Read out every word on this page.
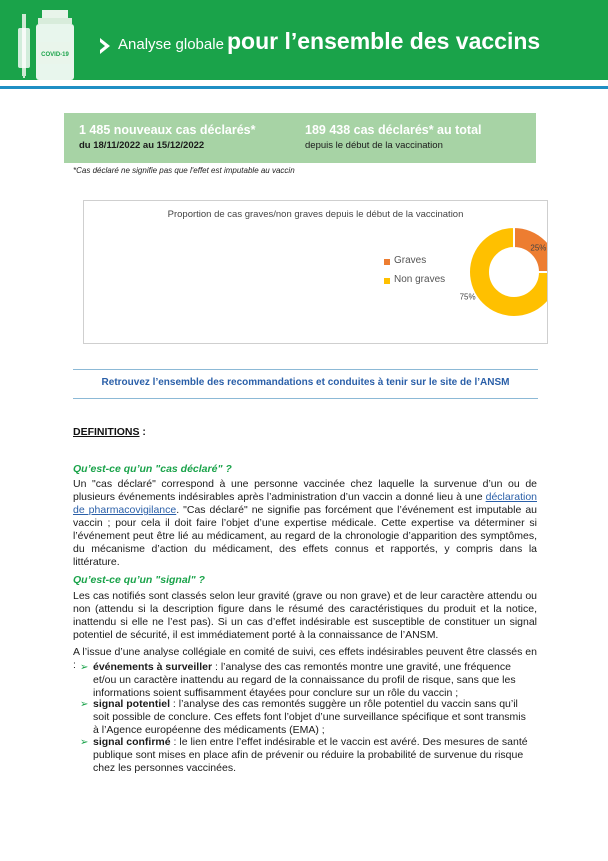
COVID-19
Analyse globale pour l’ensemble des vaccins
1 485 nouveaux cas déclarés*
du 18/11/2022 au 15/12/2022
189 438 cas déclarés* au total
depuis le début de la vaccination
*Cas déclaré ne signifie pas que l'effet est imputable au vaccin
Proportion de cas graves/non graves depuis le début de la vaccination
25%
75%
Graves
Non graves
Retrouvez l’ensemble des recommandations et conduites à tenir sur le site de l’ANSM
DEFINITIONS :
Qu’est-ce qu’un "cas déclaré" ?
Un "cas déclaré" correspond à une personne vaccinée chez laquelle la survenue d’un ou de plusieurs événements indésirables après l’administration d’un vaccin a donné lieu à une déclaration de pharmacovigilance. "Cas déclaré" ne signifie pas forcément que l’événement est imputable au vaccin ; pour cela il doit faire l’objet d’une expertise médicale. Cette expertise va déterminer si l’événement peut être lié au médicament, au regard de la chronologie d’apparition des symptômes, du mécanisme d’action du médicament, des effets connus et rapportés, y compris dans la littérature.
Qu’est-ce qu’un "signal" ?
Les cas notifiés sont classés selon leur gravité (grave ou non grave) et de leur caractère attendu ou non (attendu si la description figure dans le résumé des caractéristiques du produit et la notice, inattendu si elle ne l’est pas). Si un cas d’effet indésirable est susceptible de constituer un signal potentiel de sécurité, il est immédiatement porté à la connaissance de l’ANSM.
A l’issue d’une analyse collégiale en comité de suivi, ces effets indésirables peuvent être classés en : ➢ événements à surveiller : l’analyse des cas remontés montre une gravité, une fréquence et/ou un caractère inattendu au regard de la connaissance du profil de risque, sans que les informations soient suffisamment étayées pour conclure sur un rôle du vaccin ;
➢ signal potentiel : l’analyse des cas remontés suggère un rôle potentiel du vaccin sans qu’il soit possible de conclure. Ces effets font l’objet d’une surveillance spécifique et sont transmis à l’Agence européenne des médicaments (EMA) ;
➢ signal confirmé : le lien entre l’effet indésirable et le vaccin est avéré. Des mesures de santé publique sont mises en place afin de prévenir ou réduire la probabilité de survenue du risque chez les personnes vaccinées.
